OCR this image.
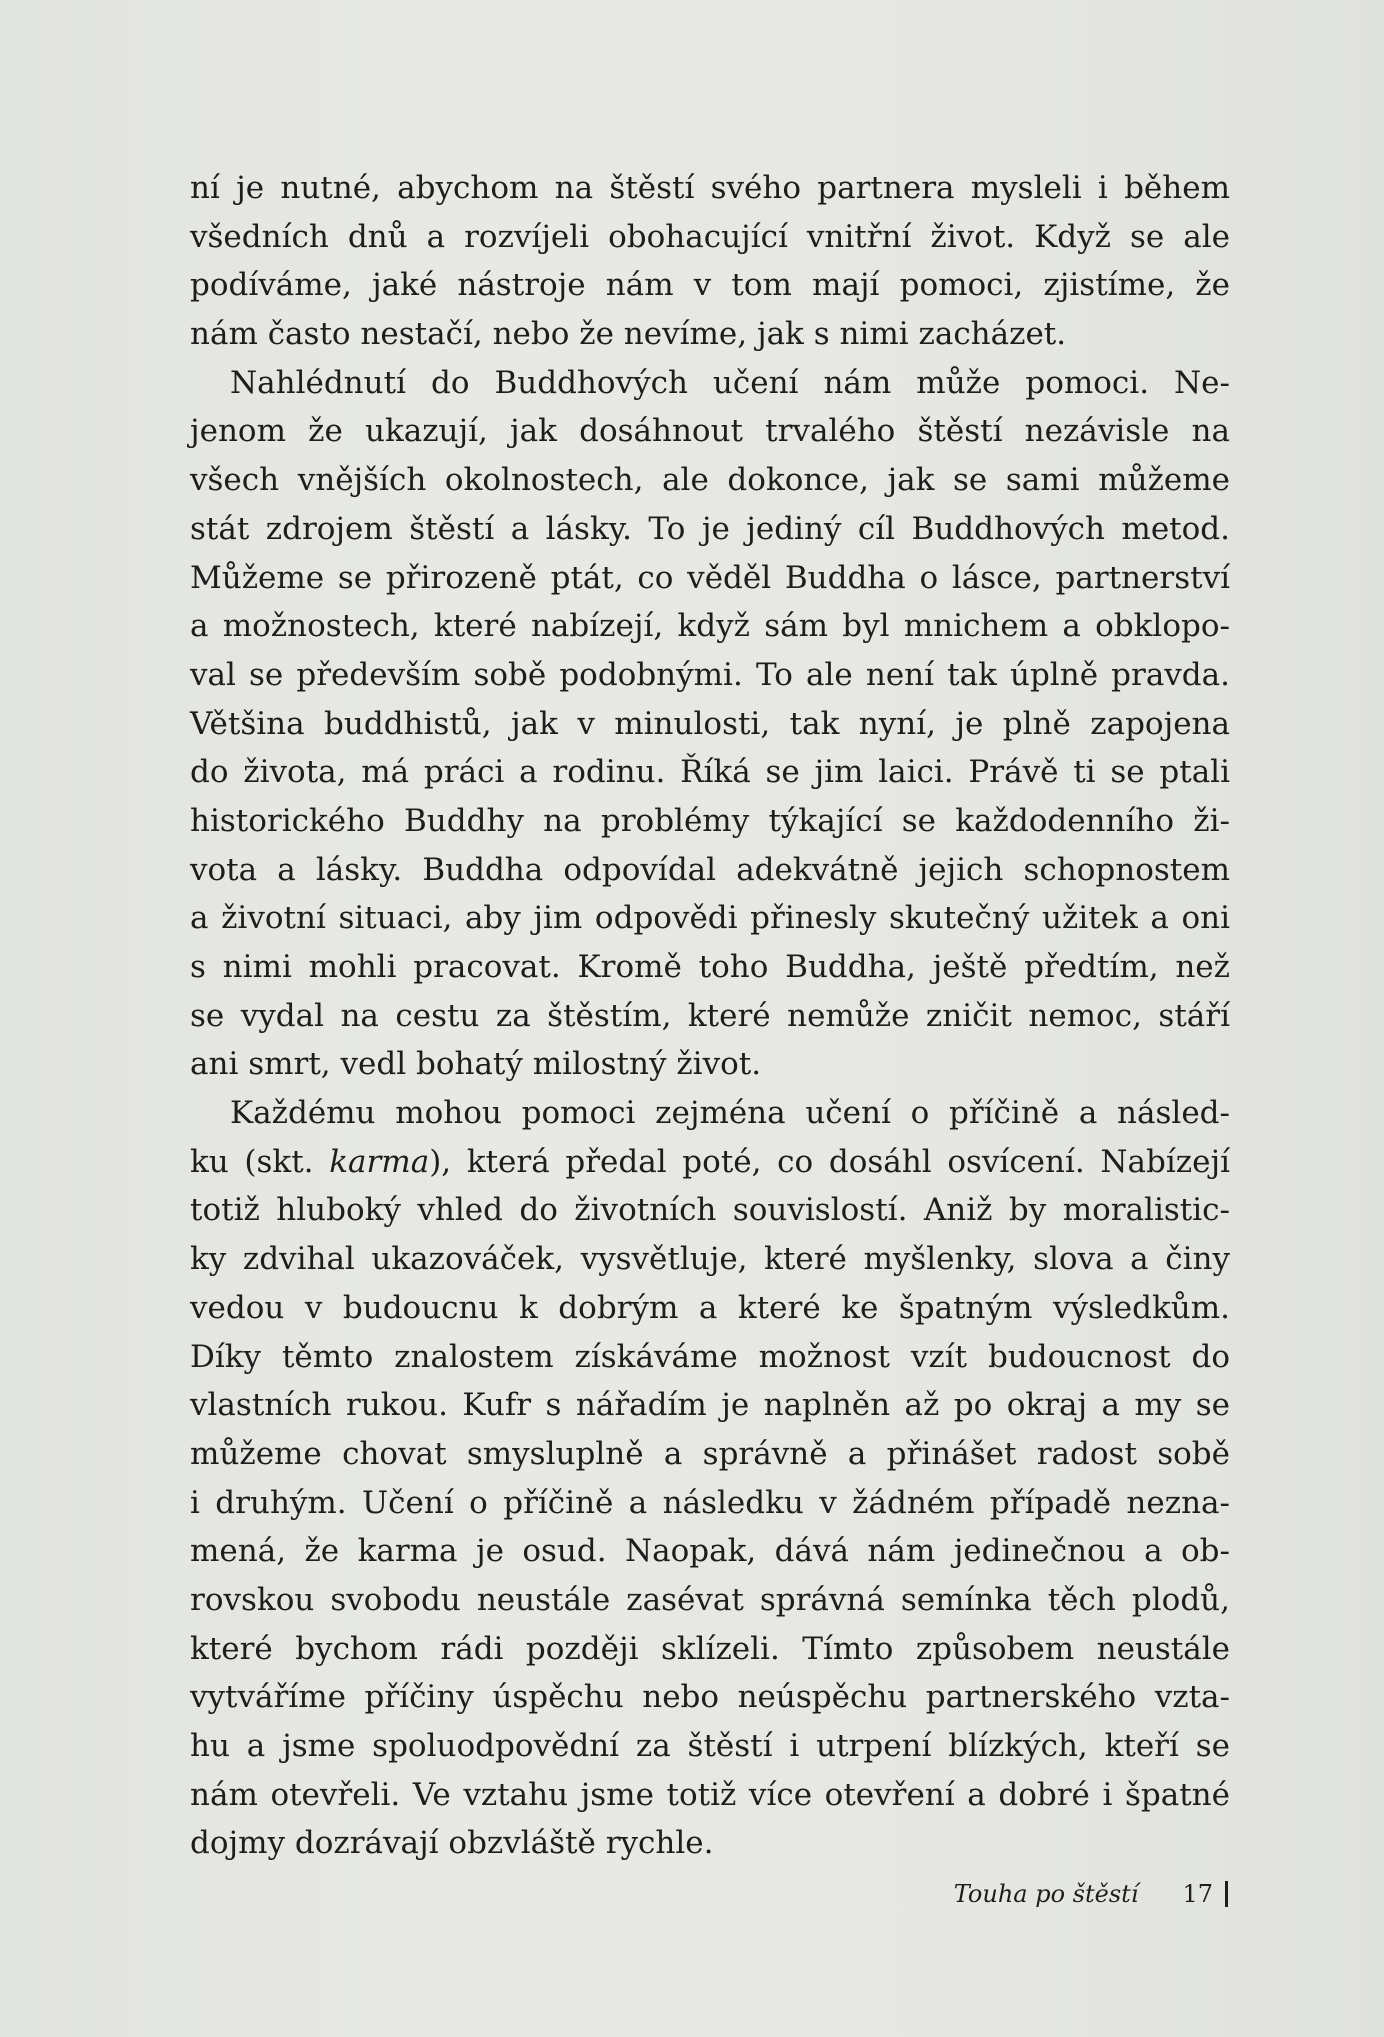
ní je nutné, abychom na štěstí svého partnera mysleli i během
všedních dnů a rozvíjeli obohacující vnitřní život. Když se ale
podíváme, jaké nástroje nám v tom mají pomoci, zjistíme, že
nám často nestačí, nebo že nevíme, jak s nimi zacházet.
Nahlédnutí do Buddhových učení nám může pomoci. Ne-
jenom že ukazují, jak dosáhnout trvalého štěstí nezávisle na
všech vnějších okolnostech, ale dokonce, jak se sami můžeme
stát zdrojem štěstí a lásky. To je jediný cíl Buddhových metod.
Můžeme se přirozeně ptát, co věděl Buddha o lásce, partnerství
a možnostech, které nabízejí, když sám byl mnichem a obklopo-
val se především sobě podobnými. To ale není tak úplně pravda.
Většina buddhistů, jak v minulosti, tak nyní, je plně zapojena
do života, má práci a rodinu. Říká se jim laici. Právě ti se ptali
historického Buddhy na problémy týkající se každodenního ži-
vota a lásky. Buddha odpovídal adekvátně jejich schopnostem
a životní situaci, aby jim odpovědi přinesly skutečný užitek a oni
s nimi mohli pracovat. Kromě toho Buddha, ještě předtím, než
se vydal na cestu za štěstím, které nemůže zničit nemoc, stáří
ani smrt, vedl bohatý milostný život.
Každému mohou pomoci zejména učení o příčině a násled-
ku (skt. karma), která předal poté, co dosáhl osvícení. Nabízejí
totiž hluboký vhled do životních souvislostí. Aniž by moralistic-
ky zdvihal ukazováček, vysvětluje, které myšlenky, slova a činy
vedou v budoucnu k dobrým a které ke špatným výsledkům.
Díky těmto znalostem získáváme možnost vzít budoucnost do
vlastních rukou. Kufr s nářadím je naplněn až po okraj a my se
můžeme chovat smysluplně a správně a přinášet radost sobě
i druhým. Učení o příčině a následku v žádném případě nezna-
mená, že karma je osud. Naopak, dává nám jedinečnou a ob-
rovskou svobodu neustále zasévat správná semínka těch plodů,
které bychom rádi později sklízeli. Tímto způsobem neustále
vytváříme příčiny úspěchu nebo neúspěchu partnerského vzta-
hu a jsme spoluodpovědní za štěstí i utrpení blízkých, kteří se
nám otevřeli. Ve vztahu jsme totiž více otevření a dobré i špatné
dojmy dozrávají obzvláště rychle.
Touha po štěstí 17
